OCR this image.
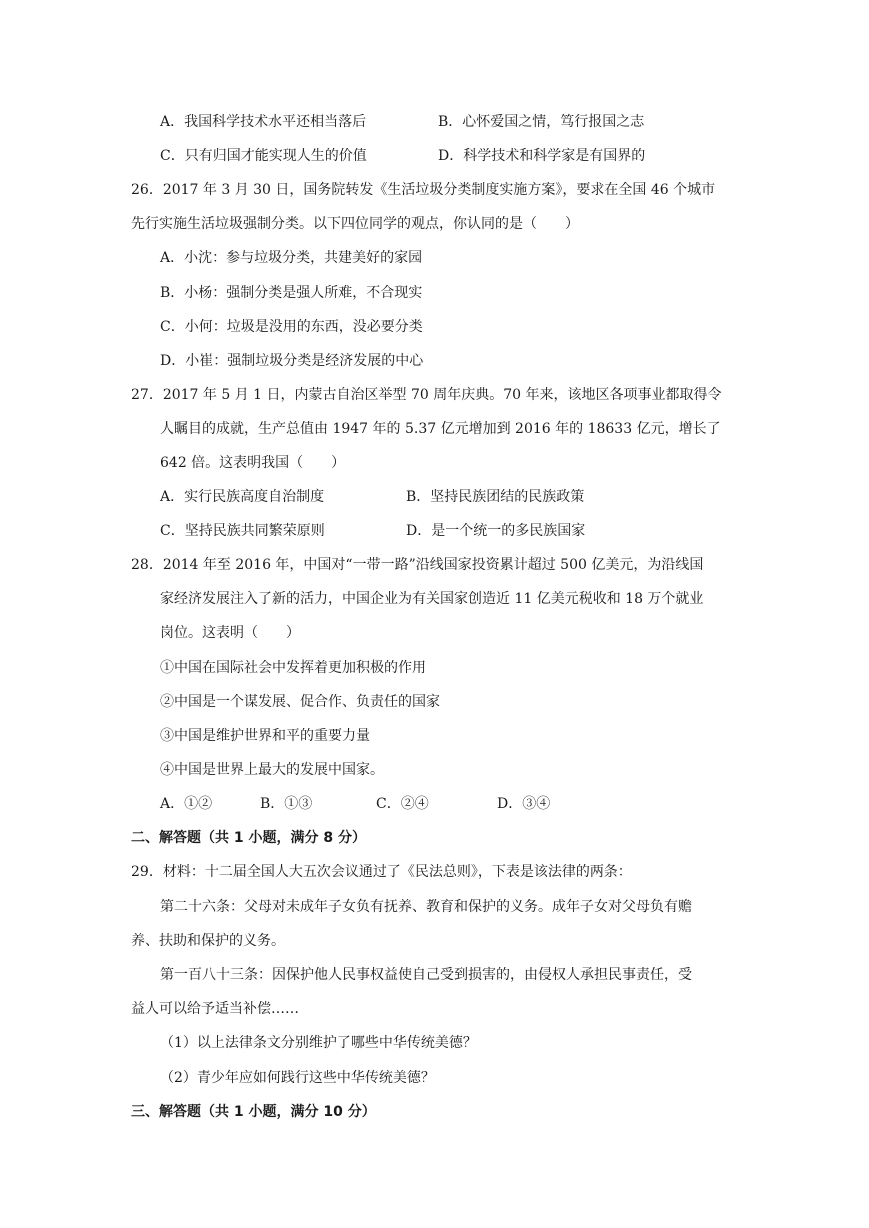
A．我国科学技术水平还相当落后	B．心怀爱国之情，笃行报国之志
C．只有归国才能实现人生的价值	D．科学技术和科学家是有国界的
26．2017 年 3 月 30 日，国务院转发《生活垃圾分类制度实施方案》，要求在全国 46 个城市
先行实施生活垃圾强制分类。以下四位同学的观点，你认同的是（　　）
A．小沈：参与垃圾分类，共建美好的家园
B．小杨：强制分类是强人所难，不合现实
C．小何：垃圾是没用的东西，没必要分类
D．小崔：强制垃圾分类是经济发展的中心
27．2017 年 5 月 1 日，内蒙古自治区举型 70 周年庆典。70 年来，该地区各项事业都取得令
人瞩目的成就，生产总值由 1947 年的 5.37 亿元增加到 2016 年的 18633 亿元，增长了
642 倍。这表明我国（　　）
A．实行民族高度自治制度	B．坚持民族团结的民族政策
C．坚持民族共同繁荣原则	D．是一个统一的多民族国家
28．2014 年至 2016 年，中国对“一带一路”沿线国家投资累计超过 500 亿美元，为沿线国
家经济发展注入了新的活力，中国企业为有关国家创造近 11 亿美元税收和 18 万个就业
岗位。这表明（　　）
①中国在国际社会中发挥着更加积极的作用
②中国是一个谋发展、促合作、负责任的国家
③中国是维护世界和平的重要力量
④中国是世界上最大的发展中国家。
A．①②	B．①③	C．②④	D．③④
二、解答题（共 1 小题，满分 8 分）
29．材料：十二届全国人大五次会议通过了《民法总则》，下表是该法律的两条：
第二十六条：父母对未成年子女负有抚养、教育和保护的义务。成年子女对父母负有赡
养、扶助和保护的义务。
第一百八十三条：因保护他人民事权益使自己受到损害的，由侵权人承担民事责任，受
益人可以给予适当补偿……
（1）以上法律条文分别维护了哪些中华传统美德？
（2）青少年应如何践行这些中华传统美德？
三、解答题（共 1 小题，满分 10 分）
